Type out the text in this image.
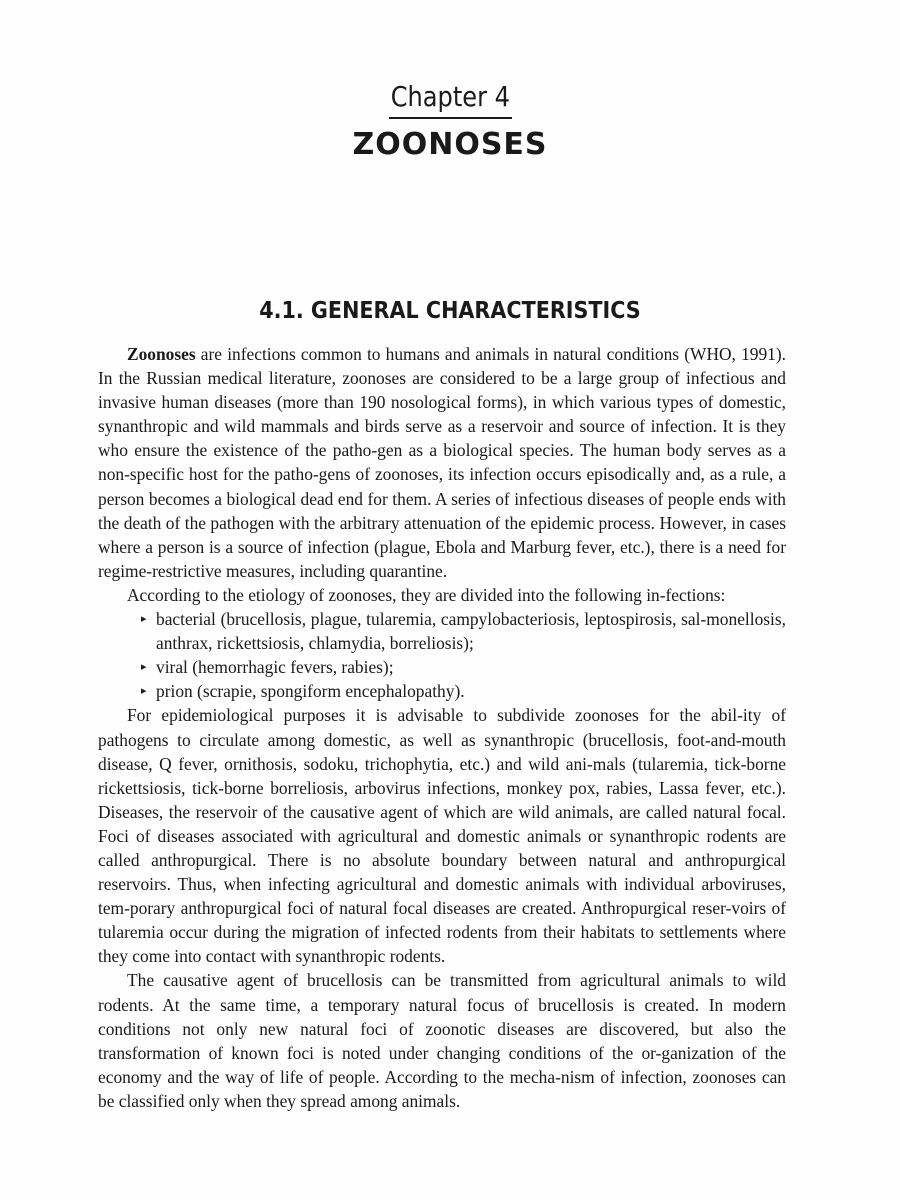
Chapter 4
ZOONOSES
4.1. GENERAL CHARACTERISTICS

Zoonoses are infections common to humans and animals in natural conditions (WHO, 1991). In the Russian medical literature, zoonoses are considered to be a large group of infectious and invasive human diseases (more than 190 nosological forms), in which various types of domestic, synanthropic and wild mammals and birds serve as a reservoir and source of infection. It is they who ensure the existence of the patho-gen as a biological species. The human body serves as a non-specific host for the patho-gens of zoonoses, its infection occurs episodically and, as a rule, a person becomes a biological dead end for them. A series of infectious diseases of people ends with the death of the pathogen with the arbitrary attenuation of the epidemic process. However, in cases where a person is a source of infection (plague, Ebola and Marburg fever, etc.), there is a need for regime-restrictive measures, including quarantine.

According to the etiology of zoonoses, they are divided into the following in-fections:

▸ bacterial (brucellosis, plague, tularemia, campylobacteriosis, leptospirosis, sal-monellosis, anthrax, rickettsiosis, chlamydia, borreliosis);
▸ viral (hemorrhagic fevers, rabies);
▸ prion (scrapie, spongiform encephalopathy).

For epidemiological purposes it is advisable to subdivide zoonoses for the abil-ity of pathogens to circulate among domestic, as well as synanthropic (brucellosis, foot-and-mouth disease, Q fever, ornithosis, sodoku, trichophytia, etc.) and wild ani-mals (tularemia, tick-borne rickettsiosis, tick-borne borreliosis, arbovirus infections, monkey pox, rabies, Lassa fever, etc.). Diseases, the reservoir of the causative agent of which are wild animals, are called natural focal. Foci of diseases associated with agricultural and domestic animals or synanthropic rodents are called anthropurgical. There is no absolute boundary between natural and anthropurgical reservoirs. Thus, when infecting agricultural and domestic animals with individual arboviruses, tem-porary anthropurgical foci of natural focal diseases are created. Anthropurgical reser-voirs of tularemia occur during the migration of infected rodents from their habitats to settlements where they come into contact with synanthropic rodents.

The causative agent of brucellosis can be transmitted from agricultural animals to wild rodents. At the same time, a temporary natural focus of brucellosis is created. In modern conditions not only new natural foci of zoonotic diseases are discovered, but also the transformation of known foci is noted under changing conditions of the or-ganization of the economy and the way of life of people. According to the mecha-nism of infection, zoonoses can be classified only when they spread among animals.
